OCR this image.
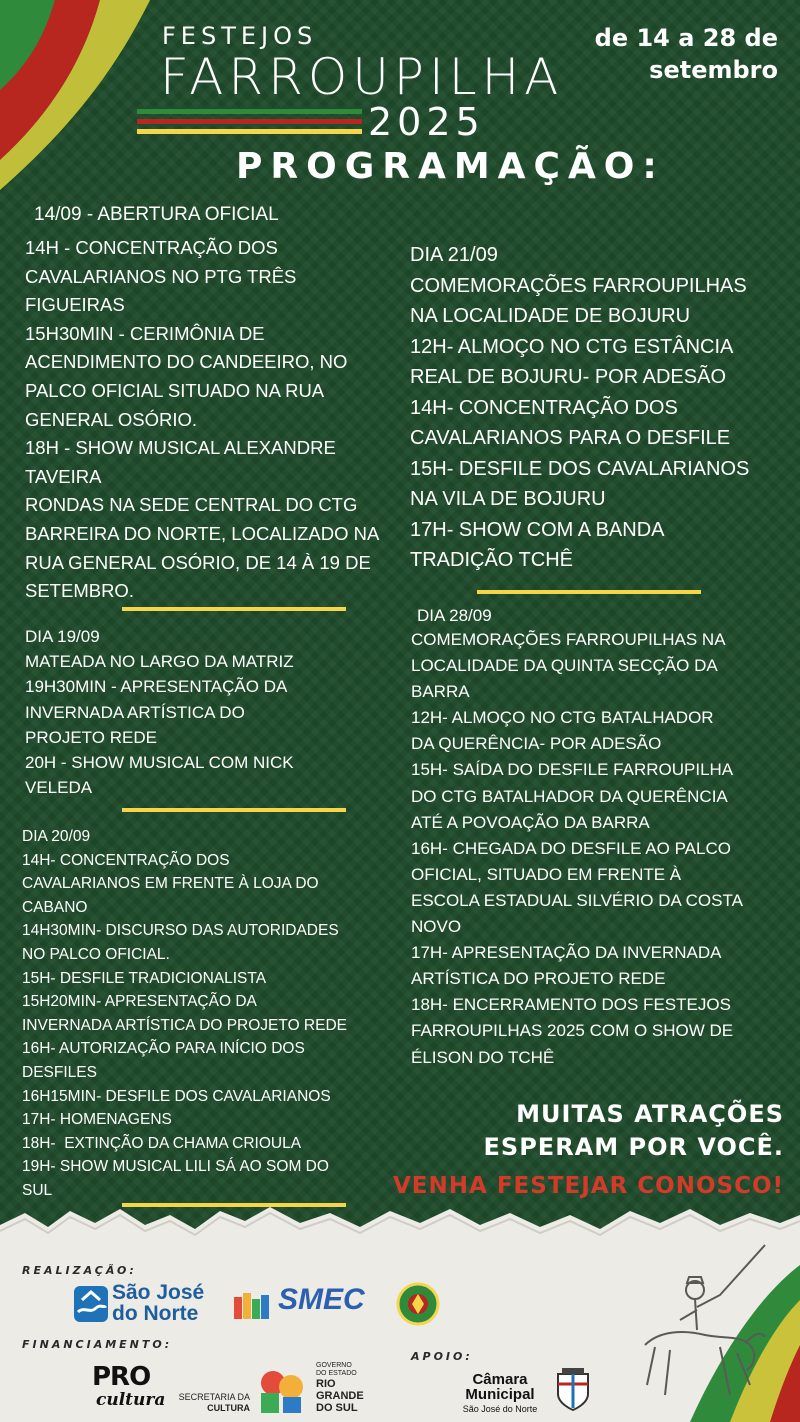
FESTEJOS
FARROUPILHA
2025
de 14 a 28 de
setembro
PROGRAMAÇÃO:
14/09 - ABERTURA OFICIAL
14H - CONCENTRAÇÃO DOS
CAVALARIANOS NO PTG TRÊS
FIGUEIRAS
15H30MIN - CERIMÔNIA DE
ACENDIMENTO DO CANDEEIRO, NO
PALCO OFICIAL SITUADO NA RUA
GENERAL OSÓRIO.
18H - SHOW MUSICAL ALEXANDRE
TAVEIRA
RONDAS NA SEDE CENTRAL DO CTG
BARREIRA DO NORTE, LOCALIZADO NA
RUA GENERAL OSÓRIO, DE 14 À 19 DE
SETEMBRO.
DIA 19/09
MATEADA NO LARGO DA MATRIZ
19H30MIN - APRESENTAÇÃO DA
INVERNADA ARTÍSTICA DO
PROJETO REDE
20H - SHOW MUSICAL COM NICK
VELEDA
DIA 20/09
14H- CONCENTRAÇÃO DOS
CAVALARIANOS EM FRENTE À LOJA DO
CABANO
14H30MIN- DISCURSO DAS AUTORIDADES
NO PALCO OFICIAL.
15H- DESFILE TRADICIONALISTA
15H20MIN- APRESENTAÇÃO DA
INVERNADA ARTÍSTICA DO PROJETO REDE
16H- AUTORIZAÇÃO PARA INÍCIO DOS
DESFILES
16H15MIN- DESFILE DOS CAVALARIANOS
17H- HOMENAGENS
18H-  EXTINÇÃO DA CHAMA CRIOULA
19H- SHOW MUSICAL LILI SÁ AO SOM DO
SUL
DIA 21/09
COMEMORAÇÕES FARROUPILHAS
NA LOCALIDADE DE BOJURU
12H- ALMOÇO NO CTG ESTÂNCIA
REAL DE BOJURU- POR ADESÃO
14H- CONCENTRAÇÃO DOS
CAVALARIANOS PARA O DESFILE
15H- DESFILE DOS CAVALARIANOS
NA VILA DE BOJURU
17H- SHOW COM A BANDA
TRADIÇÃO TCHÊ
DIA 28/09
COMEMORAÇÕES FARROUPILHAS NA
LOCALIDADE DA QUINTA SECÇÃO DA
BARRA
12H- ALMOÇO NO CTG BATALHADOR
DA QUERÊNCIA- POR ADESÃO
15H- SAÍDA DO DESFILE FARROUPILHA
DO CTG BATALHADOR DA QUERÊNCIA
ATÉ A POVOAÇÃO DA BARRA
16H- CHEGADA DO DESFILE AO PALCO
OFICIAL, SITUADO EM FRENTE À
ESCOLA ESTADUAL SILVÉRIO DA COSTA
NOVO
17H- APRESENTAÇÃO DA INVERNADA
ARTÍSTICA DO PROJETO REDE
18H- ENCERRAMENTO DOS FESTEJOS
FARROUPILHAS 2025 COM O SHOW DE
ÉLISON DO TCHÊ
MUITAS ATRAÇÕES
ESPERAM POR VOCÊ.
VENHA FESTEJAR CONOSCO!
REALIZAÇÃO:
FINANCIAMENTO:
APOIO:
São José
do Norte	SMEC
PRO
cultura SECRETARIA DA
CULTURA
GOVERNO
DO ESTADO
RIO
GRANDE
DO SUL
Câmara
Municipal
São José do Norte
